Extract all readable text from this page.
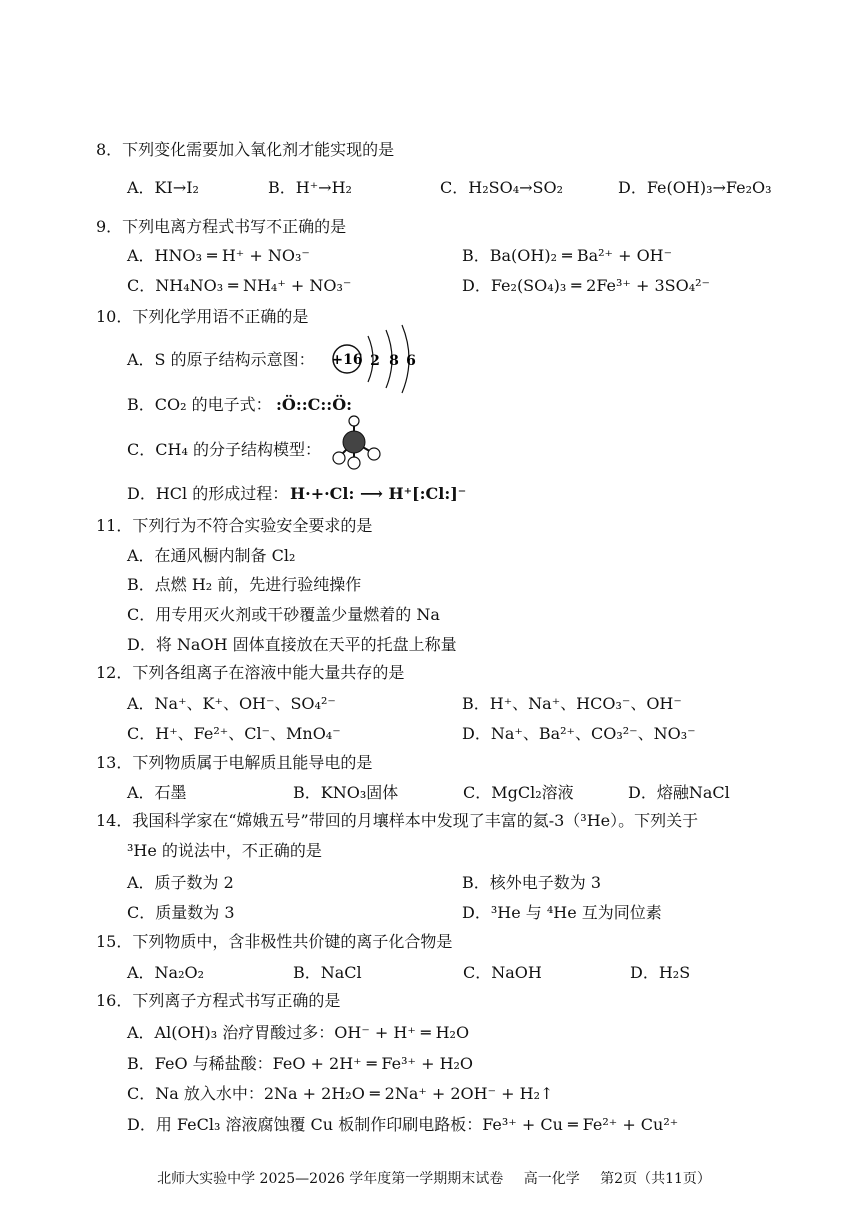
8．下列变化需要加入氧化剂才能实现的是
A．KI→I₂	B．H⁺→H₂	C．H₂SO₄→SO₂	D．Fe(OH)₃→Fe₂O₃
9．下列电离方程式书写不正确的是
A．HNO₃ ═ H⁺ + NO₃⁻	B．Ba(OH)₂ ═ Ba²⁺ + OH⁻
C．NH₄NO₃ ═ NH₄⁺ + NO₃⁻	D．Fe₂(SO₄)₃ ═ 2Fe³⁺ + 3SO₄²⁻
10．下列化学用语不正确的是
A．S 的原子结构示意图： +16 2 8 6
B．CO₂ 的电子式： :Ö::C::Ö:
C．CH₄ 的分子结构模型：
D．HCl 的形成过程： H·+·Cl: ⟶ H⁺[:Cl:]⁻
11．下列行为不符合实验安全要求的是
A．在通风橱内制备 Cl₂
B．点燃 H₂ 前，先进行验纯操作
C．用专用灭火剂或干砂覆盖少量燃着的 Na
D．将 NaOH 固体直接放在天平的托盘上称量
12．下列各组离子在溶液中能大量共存的是
A．Na⁺、K⁺、OH⁻、SO₄²⁻	B．H⁺、Na⁺、HCO₃⁻、OH⁻
C．H⁺、Fe²⁺、Cl⁻、MnO₄⁻	D．Na⁺、Ba²⁺、CO₃²⁻、NO₃⁻
13．下列物质属于电解质且能导电的是
A．石墨	B．KNO₃固体	C．MgCl₂溶液	D．熔融NaCl
14．我国科学家在“嫦娥五号”带回的月壤样本中发现了丰富的氦-3（³He）。下列关于
³He 的说法中，不正确的是
A．质子数为 2	B．核外电子数为 3
C．质量数为 3	D．³He 与 ⁴He 互为同位素
15．下列物质中，含非极性共价键的离子化合物是
A．Na₂O₂	B．NaCl	C．NaOH	D．H₂S
16．下列离子方程式书写正确的是
A．Al(OH)₃ 治疗胃酸过多：OH⁻ + H⁺ ═ H₂O
B．FeO 与稀盐酸：FeO + 2H⁺ ═ Fe³⁺ + H₂O
C．Na 放入水中：2Na + 2H₂O ═ 2Na⁺ + 2OH⁻ + H₂↑
D．用 FeCl₃ 溶液腐蚀覆 Cu 板制作印刷电路板：Fe³⁺ + Cu ═ Fe²⁺ + Cu²⁺
北师大实验中学 2025—2026 学年度第一学期期末试卷 高一化学 第2页（共11页）
